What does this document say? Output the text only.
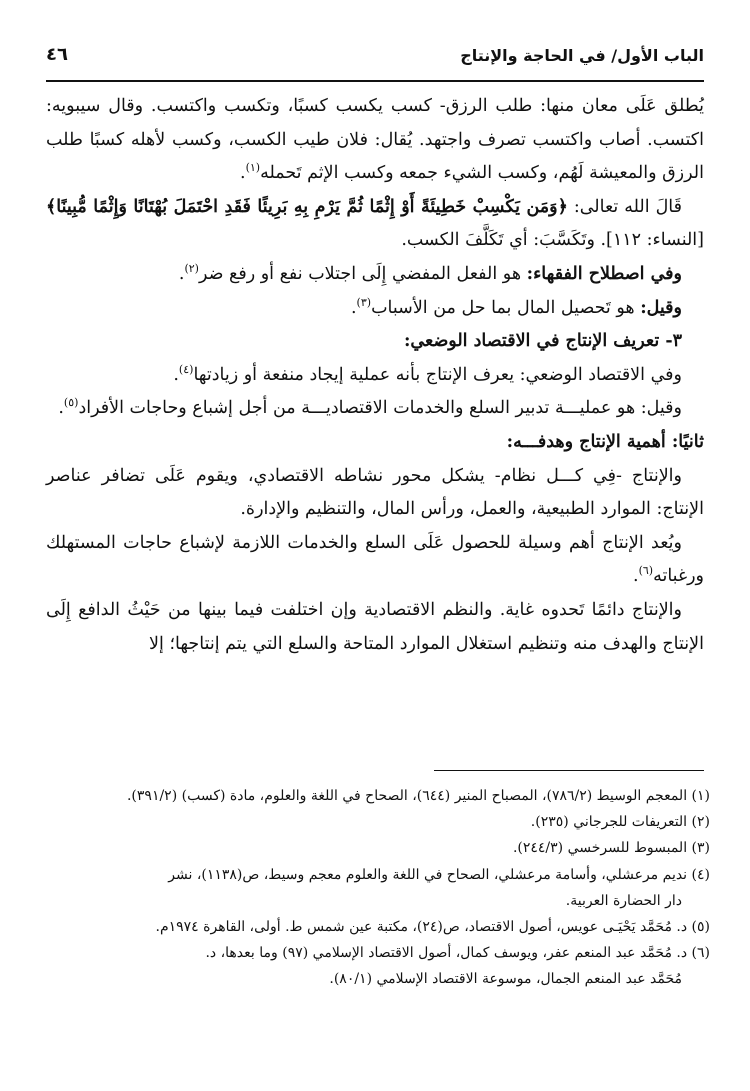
الباب الأول/ في الحاجة والإنتاج
٤٦

يُطلق عَلَى معان منها: طلب الرزق- كسب يكسب كسبًا، وتكسب واكتسب. وقال سيبويه: اكتسب. أصاب واكتسب تصرف واجتهد. يُقال: فلان طيب الكسب، وكسب لأهله كسبًا طلب الرزق والمعيشة لَهُم، وكسب الشيء جمعه وكسب الإثم تَحمله$^{(١)}$.

قَالَ الله تعالى: ﴿وَمَن يَكْسِبْ خَطِيئَةً أَوْ إِثْمًا ثُمَّ يَرْمِ بِهِ بَرِيئًا فَقَدِ احْتَمَلَ بُهْتَانًا وَإِثْمًا مُّبِينًا﴾ [النساء: ١١٢]. وتَكَسَّبَ: أي تَكَلَّفَ الكسب.

وفي اصطلاح الفقهاء: هو الفعل المفضي إِلَى اجتلاب نفع أو رفع ضر$^{(٢)}$.

وقيل: هو تَحصيل المال بما حل من الأسباب$^{(٣)}$.

٣- تعريف الإنتاج في الاقتصاد الوضعي:

وفي الاقتصاد الوضعي: يعرف الإنتاج بأنه عملية إيجاد منفعة أو زيادتها$^{(٤)}$.

وقيل: هو عمليـــة تدبير السلع والخدمات الاقتصاديـــة من أجل إشباع وحاجات الأفراد$^{(٥)}$.

ثانيًا: أهمية الإنتاج وهدفـــه:

والإنتاج -فِي كـــل نظام- يشكل محور نشاطه الاقتصادي، ويقوم عَلَى تضافر عناصر الإنتاج: الموارد الطبيعية، والعمل، ورأس المال، والتنظيم والإدارة.

ويُعد الإنتاج أهم وسيلة للحصول عَلَى السلع والخدمات اللازمة لإشباع حاجات المستهلك ورغباته$^{(٦)}$.

والإنتاج دائمًا تَحدوه غاية. والنظم الاقتصادية وإن اختلفت فيما بينها من حَيْثُ الدافع إِلَى الإنتاج والهدف منه وتنظيم استغلال الموارد المتاحة والسلع التي يتم إنتاجها؛ إلا

(١) المعجم الوسيط (٧٨٦/٢)، المصباح المنير (٦٤٤)، الصحاح في اللغة والعلوم، مادة (كسب) (٣٩١/٢).

(٢) التعريفات للجرجاني (٢٣٥).

(٣) المبسوط للسرخسي (٢٤٤/٣).

(٤) نديم مرعشلي، وأسامة مرعشلي، الصحاح في اللغة والعلوم معجم وسيط، ص(١١٣٨)، نشر

دار الحضارة العربية.

(٥) د. مُحَمَّد يَحْيَـى عويس، أصول الاقتصاد، ص(٢٤)، مكتبة عين شمس ط. أولى، القاهرة ١٩٧٤م.

(٦) د. مُحَمَّد عبد المنعم عفر، ويوسف كمال، أصول الاقتصاد الإسلامي (٩٧) وما بعدها، د.

مُحَمَّد عبد المنعم الجمال، موسوعة الاقتصاد الإسلامي (٨٠/١).
